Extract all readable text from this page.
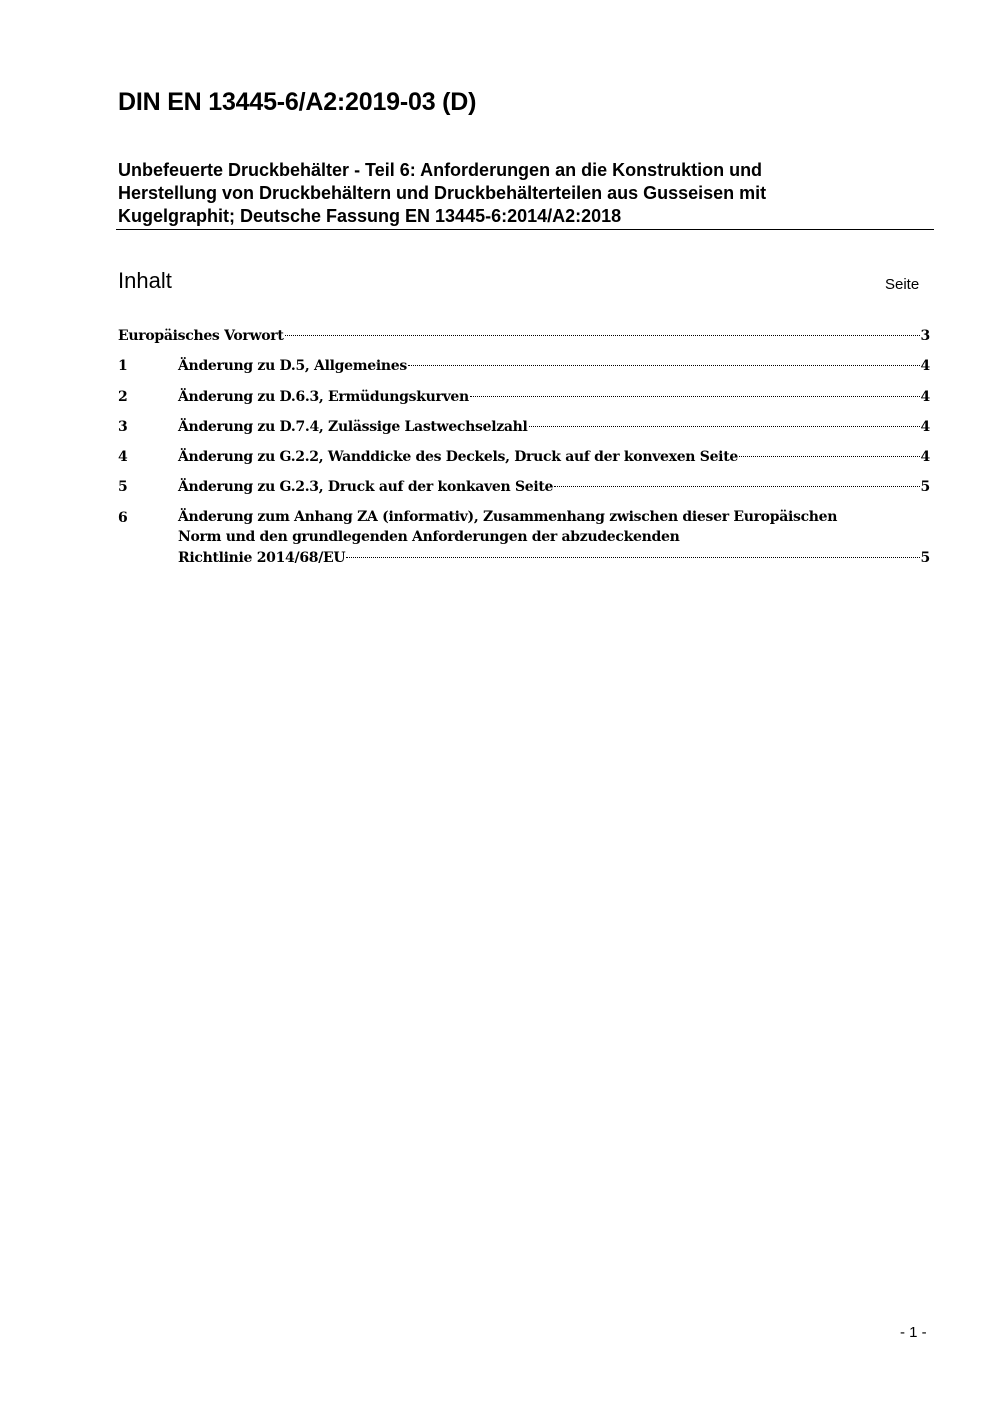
DIN EN 13445-6/A2:2019-03 (D)
Unbefeuerte Druckbehälter - Teil 6: Anforderungen an die Konstruktion und
Herstellung von Druckbehältern und Druckbehälterteilen aus Gusseisen mit
Kugelgraphit; Deutsche Fassung EN 13445-6:2014/A2:2018
Inhalt	Seite
Europäisches Vorwort	3
1	Änderung zu D.5, Allgemeines	4
2	Änderung zu D.6.3, Ermüdungskurven	4
3	Änderung zu D.7.4, Zulässige Lastwechselzahl	4
4	Änderung zu G.2.2, Wanddicke des Deckels, Druck auf der konvexen Seite	4
5	Änderung zu G.2.3, Druck auf der konkaven Seite	5
6	Änderung zum Anhang ZA (informativ), Zusammenhang zwischen dieser Europäischen
Norm und den grundlegenden Anforderungen der abzudeckenden
Richtlinie 2014/68/EU	5
- 1 -
